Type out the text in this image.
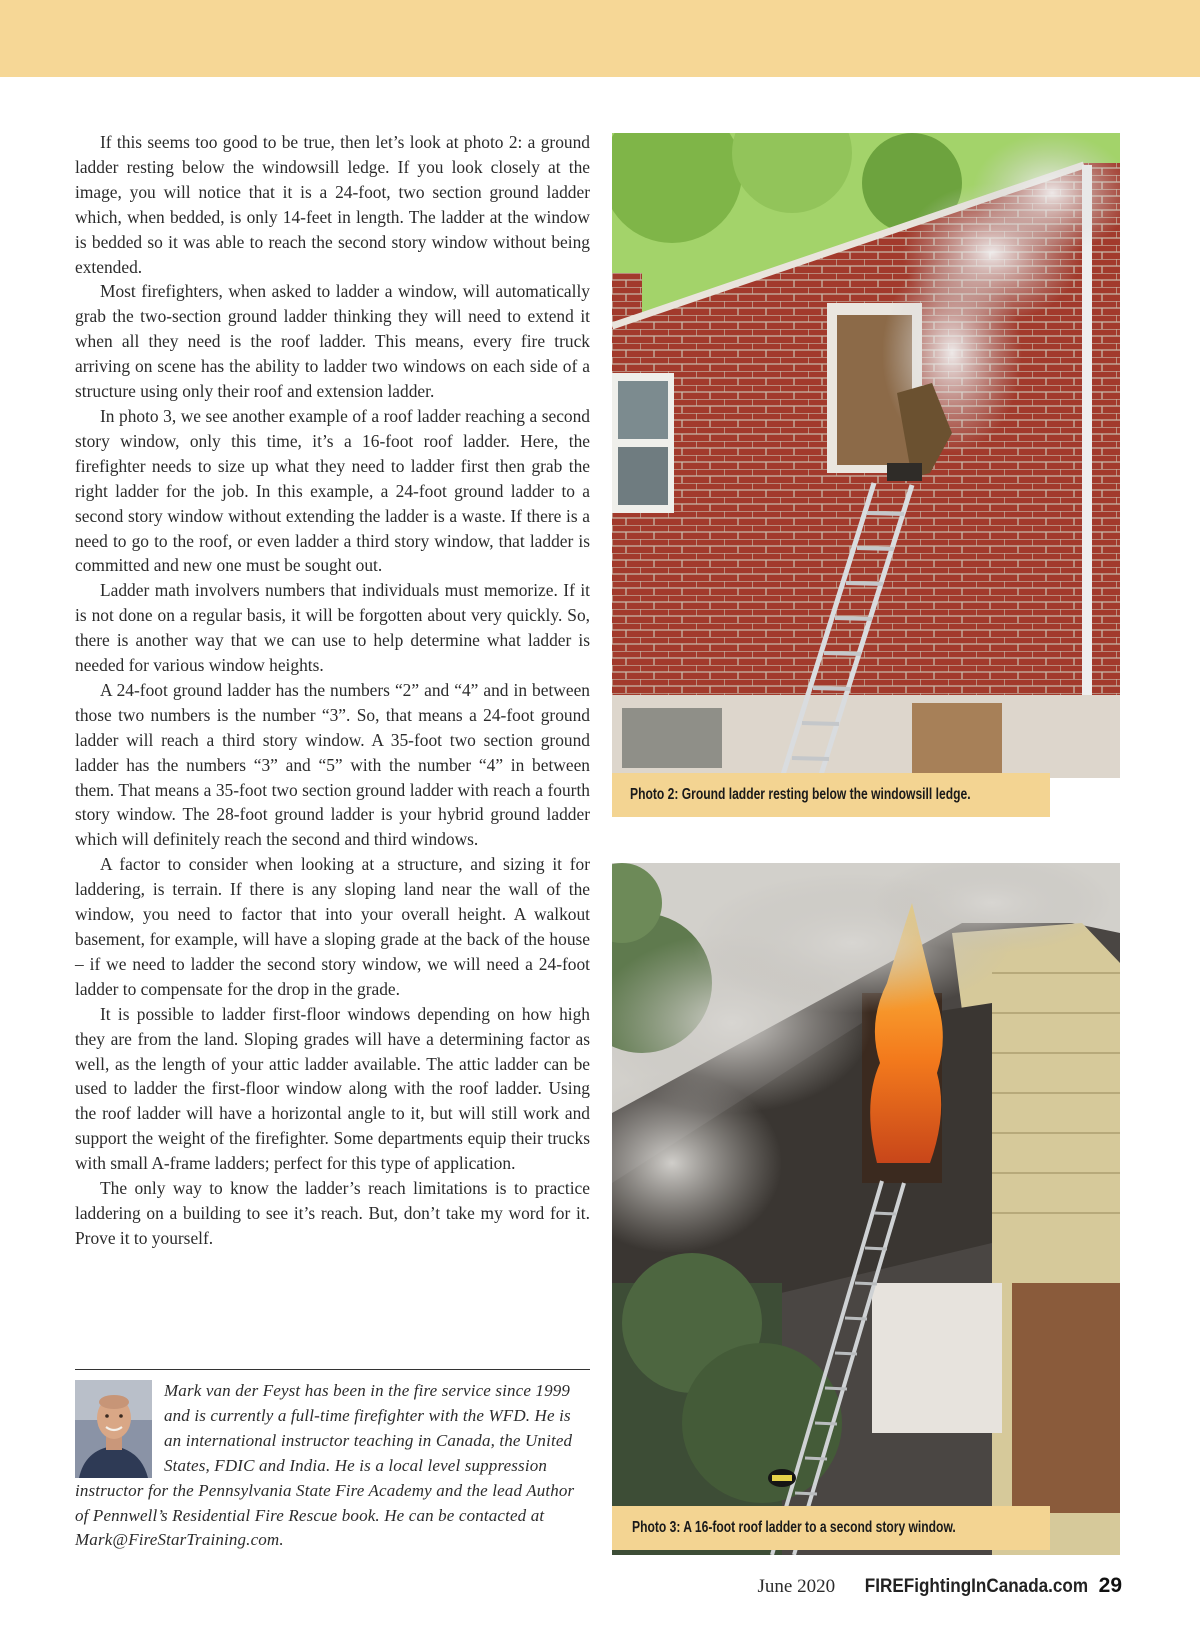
If this seems too good to be true, then let’s look at photo 2: a ground ladder resting below the windowsill ledge. If you look closely at the image, you will notice that it is a 24-foot, two section ground ladder which, when bedded, is only 14-feet in length. The ladder at the window is bedded so it was able to reach the second story window without being extended.

Most firefighters, when asked to ladder a window, will automatically grab the two-section ground ladder thinking they will need to extend it when all they need is the roof ladder. This means, every fire truck arriving on scene has the ability to ladder two windows on each side of a structure using only their roof and extension ladder.

In photo 3, we see another example of a roof ladder reaching a second story window, only this time, it’s a 16-foot roof ladder. Here, the firefighter needs to size up what they need to ladder first then grab the right ladder for the job. In this example, a 24-foot ground ladder to a second story window without extending the ladder is a waste. If there is a need to go to the roof, or even ladder a third story window, that ladder is committed and new one must be sought out.

Ladder math involvers numbers that individuals must memorize. If it is not done on a regular basis, it will be forgotten about very quickly. So, there is another way that we can use to help determine what ladder is needed for various window heights.

A 24-foot ground ladder has the numbers “2” and “4” and in between those two numbers is the number “3”. So, that means a 24-foot ground ladder will reach a third story window. A 35-foot two section ground ladder has the numbers “3” and “5” with the number “4” in between them. That means a 35-foot two section ground ladder with reach a fourth story window. The 28-foot ground ladder is your hybrid ground ladder which will definitely reach the second and third windows.

A factor to consider when looking at a structure, and sizing it for laddering, is terrain. If there is any sloping land near the wall of the window, you need to factor that into your overall height. A walkout basement, for example, will have a sloping grade at the back of the house – if we need to ladder the second story window, we will need a 24-foot ladder to compensate for the drop in the grade.

It is possible to ladder first-floor windows depending on how high they are from the land. Sloping grades will have a determining factor as well, as the length of your attic ladder available. The attic ladder can be used to ladder the first-floor window along with the roof ladder. Using the roof ladder will have a horizontal angle to it, but will still work and support the weight of the firefighter. Some departments equip their trucks with small A-frame ladders; perfect for this type of application.

The only way to know the ladder’s reach limitations is to practice laddering on a building to see it’s reach. But, don’t take my word for it. Prove it to yourself.

Mark van der Feyst has been in the fire service since 1999 and is currently a full-time firefighter with the WFD. He is an international instructor teaching in Canada, the United States, FDIC and India. He is a local level suppression instructor for the Pennsylvania State Fire Academy and the lead Author of Pennwell’s Residential Fire Rescue book. He can be contacted at Mark@FireStarTraining.com.
Photo 2: Ground ladder resting below the windowsill ledge.
Photo 3: A 16-foot roof ladder to a second story window.
June 2020 FIREFightingInCanada.com 29
